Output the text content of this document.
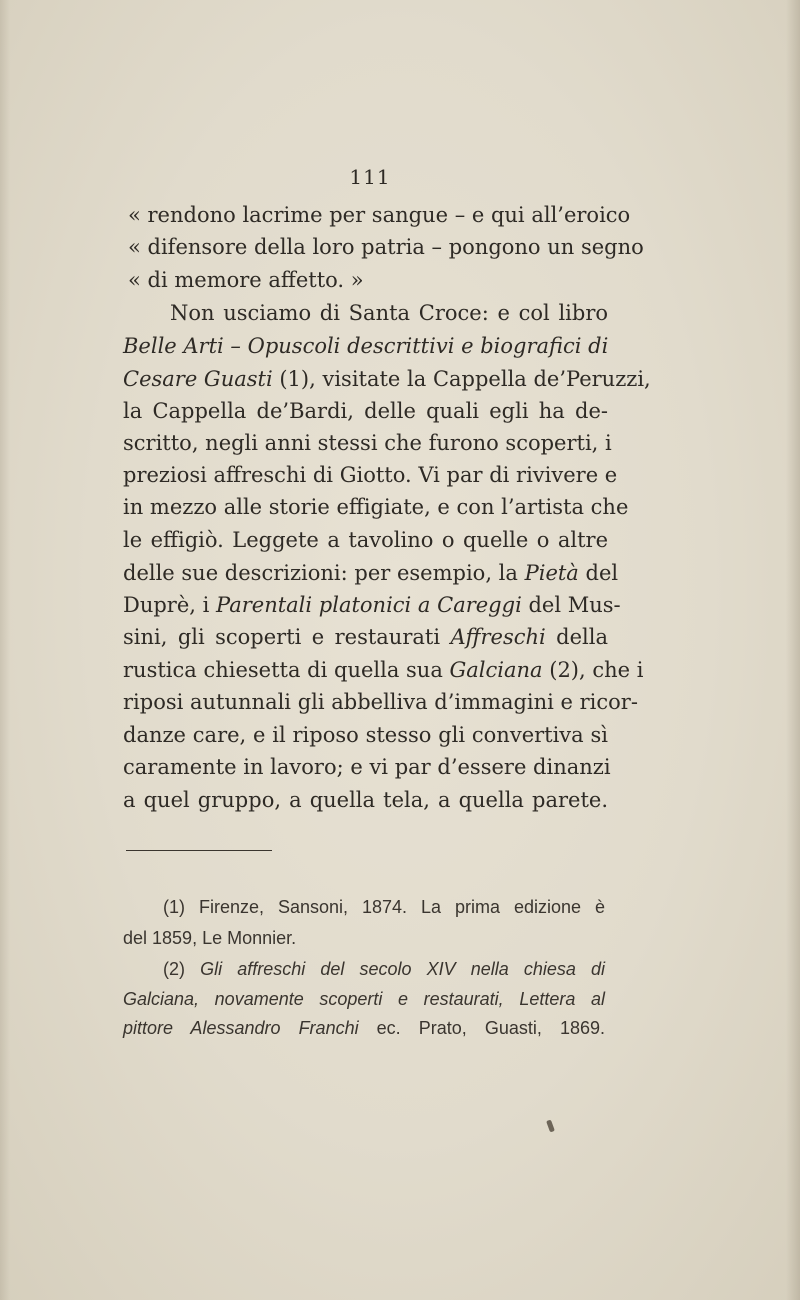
111
« rendono lacrime per sangue – e qui all’eroico
« difensore della loro patria – pongono un segno
« di memore affetto. »
Non usciamo di Santa Croce: e col libro
Belle Arti – Opuscoli descrittivi e biografici di
Cesare Guasti (1), visitate la Cappella de’Peruzzi,
la Cappella de’Bardi, delle quali egli ha de-
scritto, negli anni stessi che furono scoperti, i
preziosi affreschi di Giotto. Vi par di rivivere e
in mezzo alle storie effigiate, e con l’artista che
le effigiò. Leggete a tavolino o quelle o altre
delle sue descrizioni: per esempio, la Pietà del
Duprè, i Parentali platonici a Careggi del Mus-
sini, gli scoperti e restaurati Affreschi della
rustica chiesetta di quella sua Galciana (2), che i
riposi autunnali gli abbelliva d’immagini e ricor-
danze care, e il riposo stesso gli convertiva sì
caramente in lavoro; e vi par d’essere dinanzi
a quel gruppo, a quella tela, a quella parete.
(1) Firenze, Sansoni, 1874. La prima edizione è
del 1859, Le Monnier.
(2) Gli affreschi del secolo XIV nella chiesa di
Galciana, novamente scoperti e restaurati, Lettera al
pittore Alessandro Franchi ec. Prato, Guasti, 1869.
